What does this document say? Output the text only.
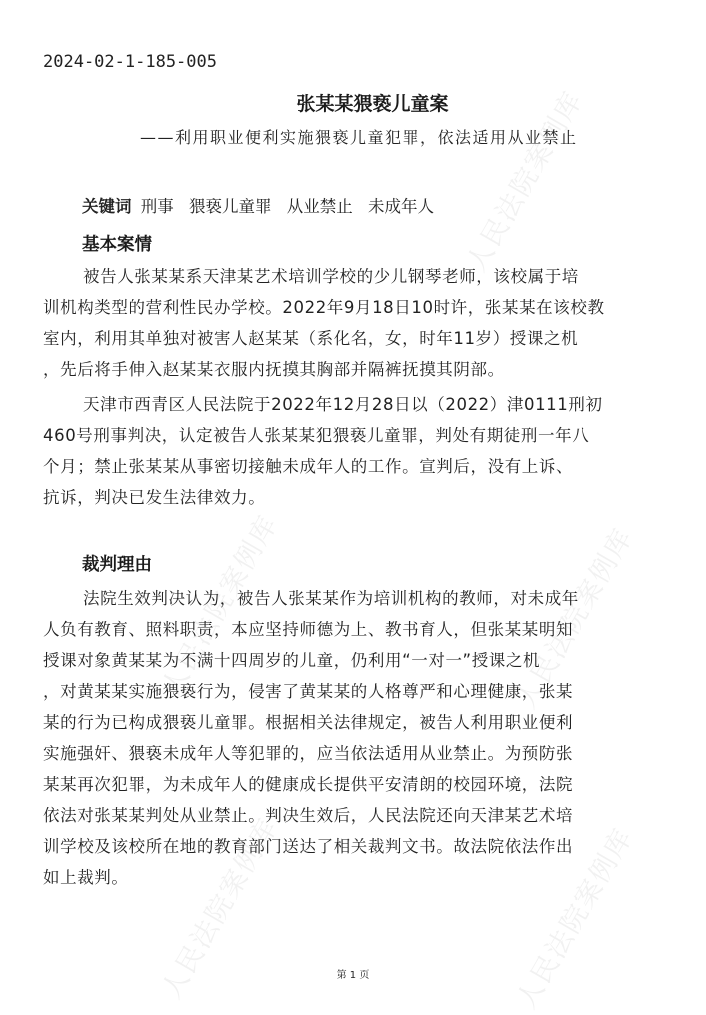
人民法院案例库
人民法院案例库	人民法院案例库
人民法院案例库	人民法院案例库
2024-02-1-185-005
张某某猥亵儿童案
——利用职业便利实施猥亵儿童犯罪，依法适用从业禁止
关键词 刑事 猥亵儿童罪 从业禁止 未成年人
基本案情
被告人张某某系天津某艺术培训学校的少儿钢琴老师，该校属于培
训机构类型的营利性民办学校。2022年9月18日10时许，张某某在该校教
室内，利用其单独对被害人赵某某（系化名，女，时年11岁）授课之机
，先后将手伸入赵某某衣服内抚摸其胸部并隔裤抚摸其阴部。
天津市西青区人民法院于2022年12月28日以（2022）津0111刑初
460号刑事判决，认定被告人张某某犯猥亵儿童罪，判处有期徒刑一年八
个月；禁止张某某从事密切接触未成年人的工作。宣判后，没有上诉、
抗诉，判决已发生法律效力。
裁判理由
法院生效判决认为，被告人张某某作为培训机构的教师，对未成年
人负有教育、照料职责，本应坚持师德为上、教书育人，但张某某明知
授课对象黄某某为不满十四周岁的儿童，仍利用“一对一”授课之机
，对黄某某实施猥亵行为，侵害了黄某某的人格尊严和心理健康，张某
某的行为已构成猥亵儿童罪。根据相关法律规定，被告人利用职业便利
实施强奸、猥亵未成年人等犯罪的，应当依法适用从业禁止。为预防张
某某再次犯罪，为未成年人的健康成长提供平安清朗的校园环境，法院
依法对张某某判处从业禁止。判决生效后，人民法院还向天津某艺术培
训学校及该校所在地的教育部门送达了相关裁判文书。故法院依法作出
如上裁判。
第 1 页
